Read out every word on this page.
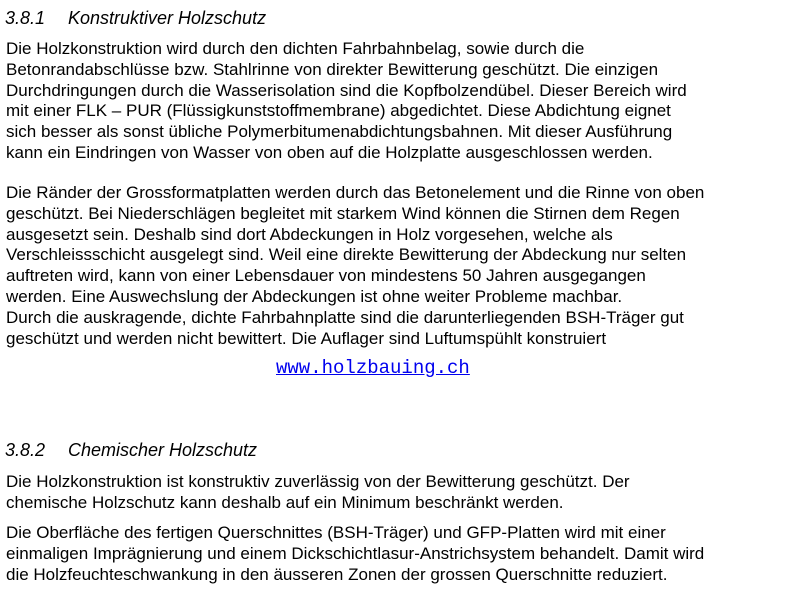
3.8.1 Konstruktiver Holzschutz

Die Holzkonstruktion wird durch den dichten Fahrbahnbelag, sowie durch die
Betonrandabschlüsse bzw. Stahlrinne von direkter Bewitterung geschützt. Die einzigen
Durchdringungen durch die Wasserisolation sind die Kopfbolzendübel. Dieser Bereich wird
mit einer FLK – PUR (Flüssigkunststoffmembrane) abgedichtet. Diese Abdichtung eignet
sich besser als sonst übliche Polymerbitumenabdichtungsbahnen. Mit dieser Ausführung
kann ein Eindringen von Wasser von oben auf die Holzplatte ausgeschlossen werden.

Die Ränder der Grossformatplatten werden durch das Betonelement und die Rinne von oben
geschützt. Bei Niederschlägen begleitet mit starkem Wind können die Stirnen dem Regen
ausgesetzt sein. Deshalb sind dort Abdeckungen in Holz vorgesehen, welche als
Verschleissschicht ausgelegt sind. Weil eine direkte Bewitterung der Abdeckung nur selten
auftreten wird, kann von einer Lebensdauer von mindestens 50 Jahren ausgegangen
werden. Eine Auswechslung der Abdeckungen ist ohne weiter Probleme machbar.
Durch die auskragende, dichte Fahrbahnplatte sind die darunterliegenden BSH-Träger gut
geschützt und werden nicht bewittert. Die Auflager sind Luftumspühlt konstruiert

www.holzbauing.ch
3.8.2 Chemischer Holzschutz

Die Holzkonstruktion ist konstruktiv zuverlässig von der Bewitterung geschützt. Der
chemische Holzschutz kann deshalb auf ein Minimum beschränkt werden.

Die Oberfläche des fertigen Querschnittes (BSH-Träger) und GFP-Platten wird mit einer
einmaligen Imprägnierung und einem Dickschichtlasur-Anstrichsystem behandelt. Damit wird
die Holzfeuchteschwankung in den äusseren Zonen der grossen Querschnitte reduziert.
